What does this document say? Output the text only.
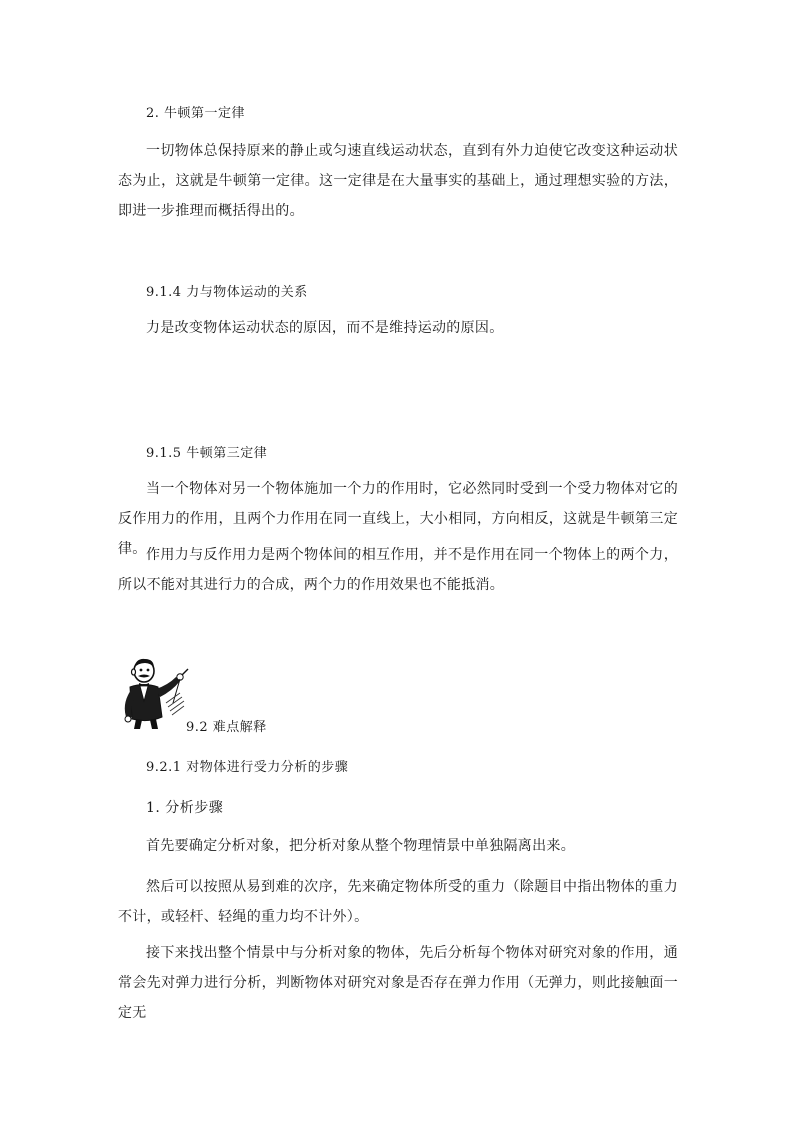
2. 牛顿第一定律

一切物体总保持原来的静止或匀速直线运动状态，直到有外力迫使它改变这种运动状态为止，这就是牛顿第一定律。这一定律是在大量事实的基础上，通过理想实验的方法，即进一步推理而概括得出的。

9.1.4 力与物体运动的关系

力是改变物体运动状态的原因，而不是维持运动的原因。

9.1.5 牛顿第三定律

当一个物体对另一个物体施加一个力的作用时，它必然同时受到一个受力物体对它的反作用力的作用，且两个力作用在同一直线上，大小相同，方向相反，这就是牛顿第三定律。 作用力与反作用力是两个物体间的相互作用，并不是作用在同一个物体上的两个力，所以不能对其进行力的合成，两个力的作用效果也不能抵消。

9.2 难点解释

9.2.1 对物体进行受力分析的步骤

1. 分析步骤

首先要确定分析对象，把分析对象从整个物理情景中单独隔离出来。

然后可以按照从易到难的次序，先来确定物体所受的重力（除题目中指出物体的重力不计，或轻杆、轻绳的重力均不计外）。

接下来找出整个情景中与分析对象的物体，先后分析每个物体对研究对象的作用，通常会先对弹力进行分析，判断物体对研究对象是否存在弹力作用（无弹力，则此接触面一定无
